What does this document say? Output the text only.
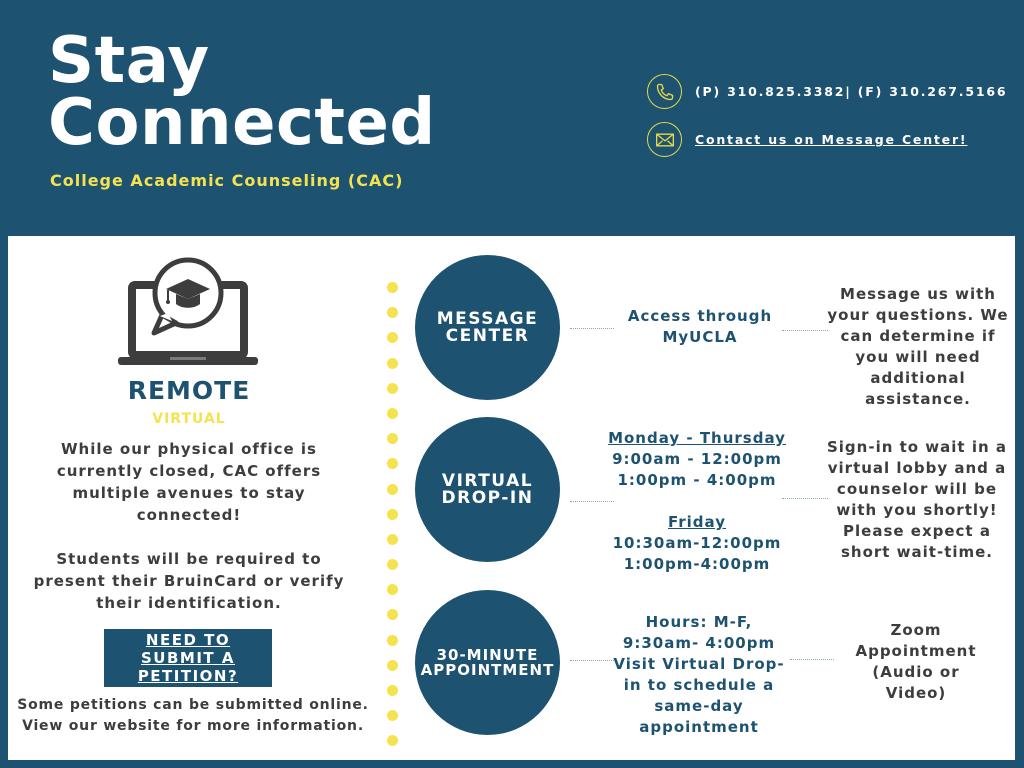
Stay
Connected
College Academic Counseling (CAC)
(P) 310.825.3382| (F) 310.267.5166
Contact us on Message Center!
REMOTE
VIRTUAL
While our physical office is currently closed, CAC offers multiple avenues to stay connected!
Students will be required to present their BruinCard or verify their identification.
NEED TO
SUBMIT A
PETITION?
Some petitions can be submitted online.
View our website for more information.
MESSAGE
CENTER
Access through
MyUCLA
Message us with
your questions. We
can determine if
you will need
additional
assistance.
VIRTUAL
DROP-IN
Monday - Thursday
9:00am - 12:00pm
1:00pm - 4:00pm
Friday
10:30am-12:00pm
1:00pm-4:00pm
Sign-in to wait in a
virtual lobby and a
counselor will be
with you shortly!
Please expect a
short wait-time.
30-MINUTE
APPOINTMENT
Hours: M-F,
9:30am- 4:00pm
Visit Virtual Drop-
in to schedule a
same-day
appointment
Zoom
Appointment
(Audio or
Video)
